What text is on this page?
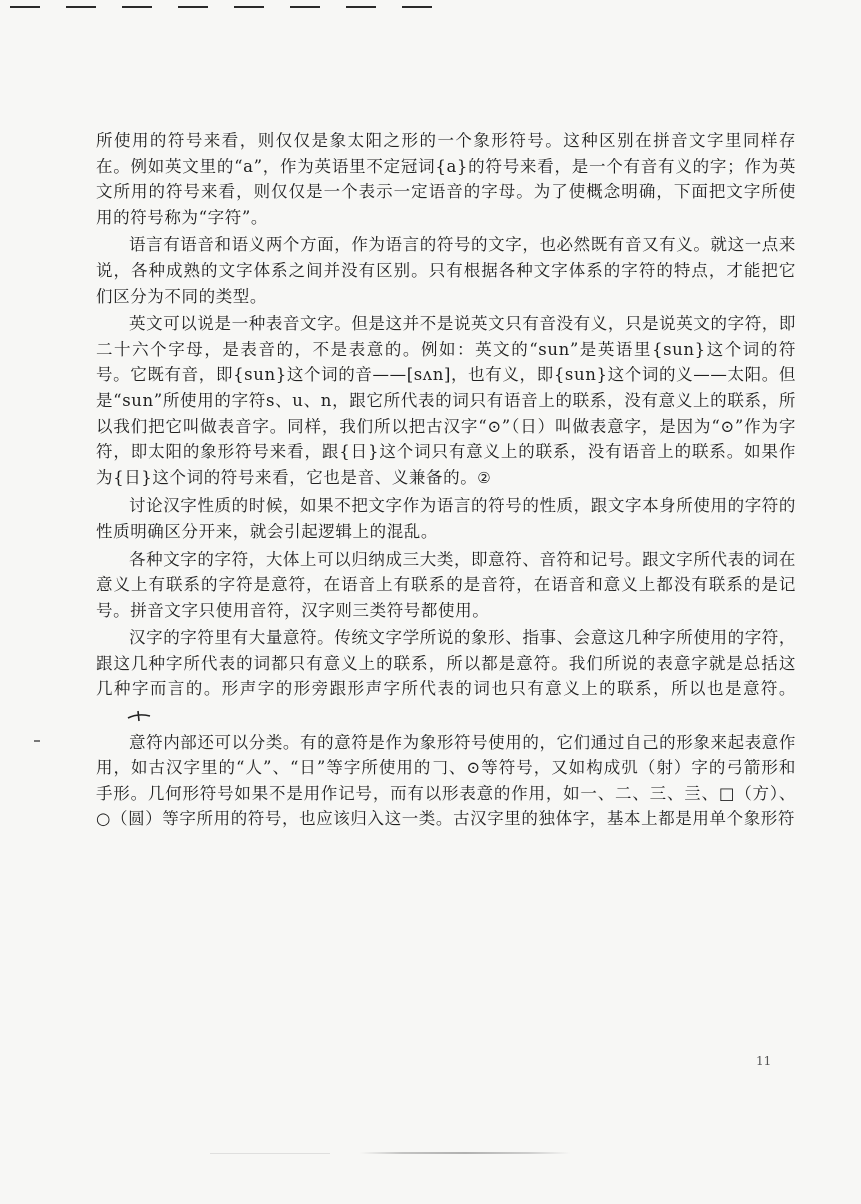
所使用的符号来看，则仅仅是象太阳之形的一个象形符号。这种区别在拼音文字里同样存在。例如英文里的“a”，作为英语里不定冠词{a}的符号来看，是一个有音有义的字；作为英文所用的符号来看，则仅仅是一个表示一定语音的字母。为了使概念明确，下面把文字所使用的符号称为“字符”。

语言有语音和语义两个方面，作为语言的符号的文字，也必然既有音又有义。就这一点来说，各种成熟的文字体系之间并没有区别。只有根据各种文字体系的字符的特点，才能把它们区分为不同的类型。

英文可以说是一种表音文字。但是这并不是说英文只有音没有义，只是说英文的字符，即二十六个字母，是表音的，不是表意的。例如：英文的“sun”是英语里{sun}这个词的符号。它既有音，即{sun}这个词的音——[sʌn]，也有义，即{sun}这个词的义——太阳。但是“sun”所使用的字符s、u、n，跟它所代表的词只有语音上的联系，没有意义上的联系，所以我们把它叫做表音字。同样，我们所以把古汉字“⊙”（日）叫做表意字，是因为“⊙”作为字符，即太阳的象形符号来看，跟{日}这个词只有意义上的联系，没有语音上的联系。如果作为{日}这个词的符号来看，它也是音、义兼备的。②

讨论汉字性质的时候，如果不把文字作为语言的符号的性质，跟文字本身所使用的字符的性质明确区分开来，就会引起逻辑上的混乱。

各种文字的字符，大体上可以归纳成三大类，即意符、音符和记号。跟文字所代表的词在意义上有联系的字符是意符，在语音上有联系的是音符，在语音和意义上都没有联系的是记号。拼音文字只使用音符，汉字则三类符号都使用。

汉字的字符里有大量意符。传统文字学所说的象形、指事、会意这几种字所使用的字符，跟这几种字所代表的词都只有意义上的联系，所以都是意符。我们所说的表意字就是总括这几种字而言的。形声字的形旁跟形声字所代表的词也只有意义上的联系，所以也是意符。

意符内部还可以分类。有的意符是作为象形符号使用的，它们通过自己的形象来起表意作用，如古汉字里的“人”、“日”等字所使用的𠃌、⊙等符号，又如构成𢎪（射）字的弓箭形和手形。几何形符号如果不是用作记号，而有以形表意的作用，如一、二、三、亖、□（方）、○（圆）等字所用的符号，也应该归入这一类。古汉字里的独体字，基本上都是用单个象形符

11
